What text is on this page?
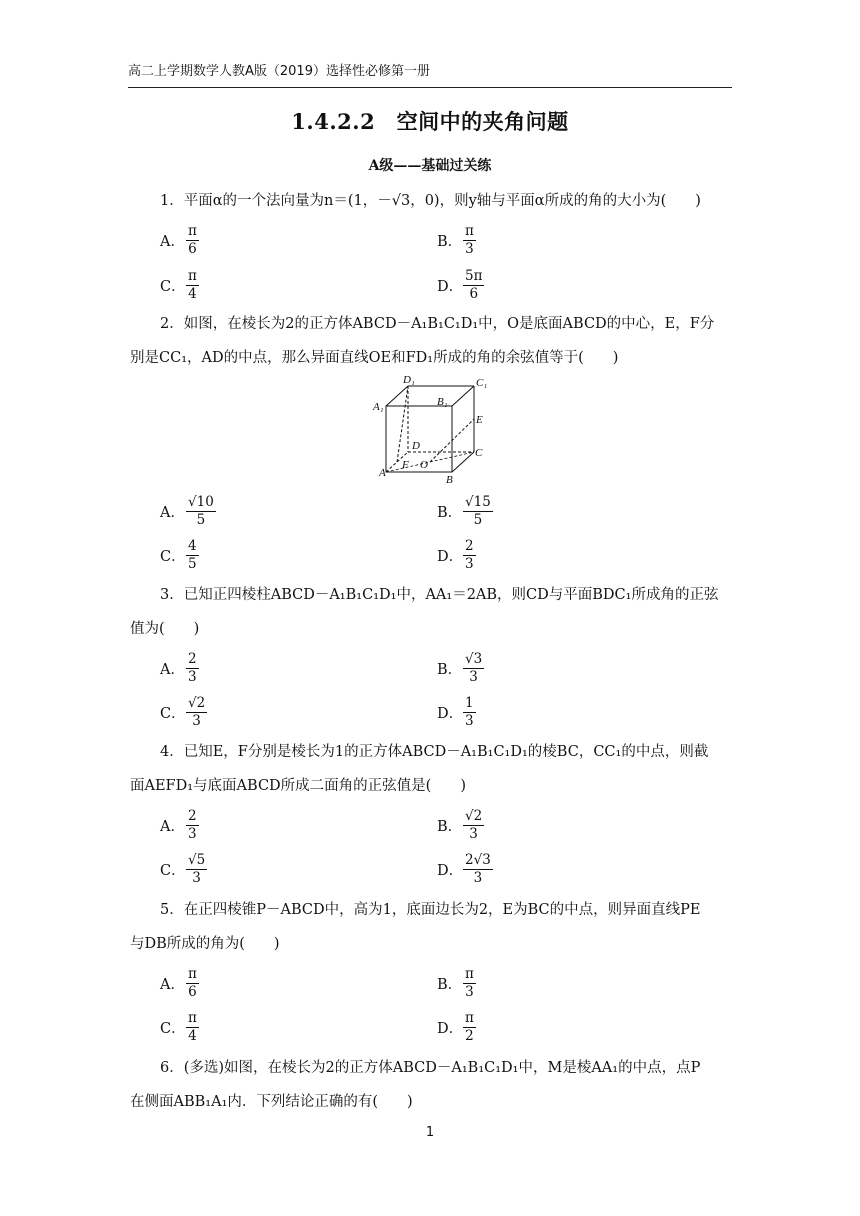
高二上学期数学人教A版（2019）选择性必修第一册
1.4.2.2　空间中的夹角问题
A级——基础过关练
1．平面α的一个法向量为n＝(1，－√3，0)，则y轴与平面α所成的角的大小为(　　)
A． $\frac{\pi}{6}$	B． $\frac{\pi}{3}$
C． $\frac{\pi}{4}$	D． $\frac{5\pi}{6}$
2．如图，在棱长为2的正方体ABCD－A₁B₁C₁D₁中，O是底面ABCD的中心，E，F分
别是CC₁，AD的中点，那么异面直线OE和FD₁所成的角的余弦值等于(　　)
D₁	C₁
A₁	B₁
E
D
C
A
F O
B
A． $\frac{√10}{5}$	B． $\frac{√15}{5}$
C． $\frac{4}{5}$	D． $\frac{2}{3}$
3．已知正四棱柱ABCD－A₁B₁C₁D₁中，AA₁＝2AB，则CD与平面BDC₁所成角的正弦
值为(　　)
A． $\frac{2}{3}$	B． $\frac{√3}{3}$
C． $\frac{√2}{3}$	D． $\frac{1}{3}$
4．已知E，F分别是棱长为1的正方体ABCD－A₁B₁C₁D₁的棱BC，CC₁的中点，则截
面AEFD₁与底面ABCD所成二面角的正弦值是(　　)
A． $\frac{2}{3}$	B． $\frac{√2}{3}$
C． $\frac{√5}{3}$	D． $\frac{2√3}{3}$
5．在正四棱锥P－ABCD中，高为1，底面边长为2，E为BC的中点，则异面直线PE
与DB所成的角为(　　)
A． $\frac{\pi}{6}$	B． $\frac{\pi}{3}$
C． $\frac{\pi}{4}$	D． $\frac{\pi}{2}$
6．(多选)如图，在棱长为2的正方体ABCD－A₁B₁C₁D₁中，M是棱AA₁的中点，点P
在侧面ABB₁A₁内．下列结论正确的有(　　)
1
